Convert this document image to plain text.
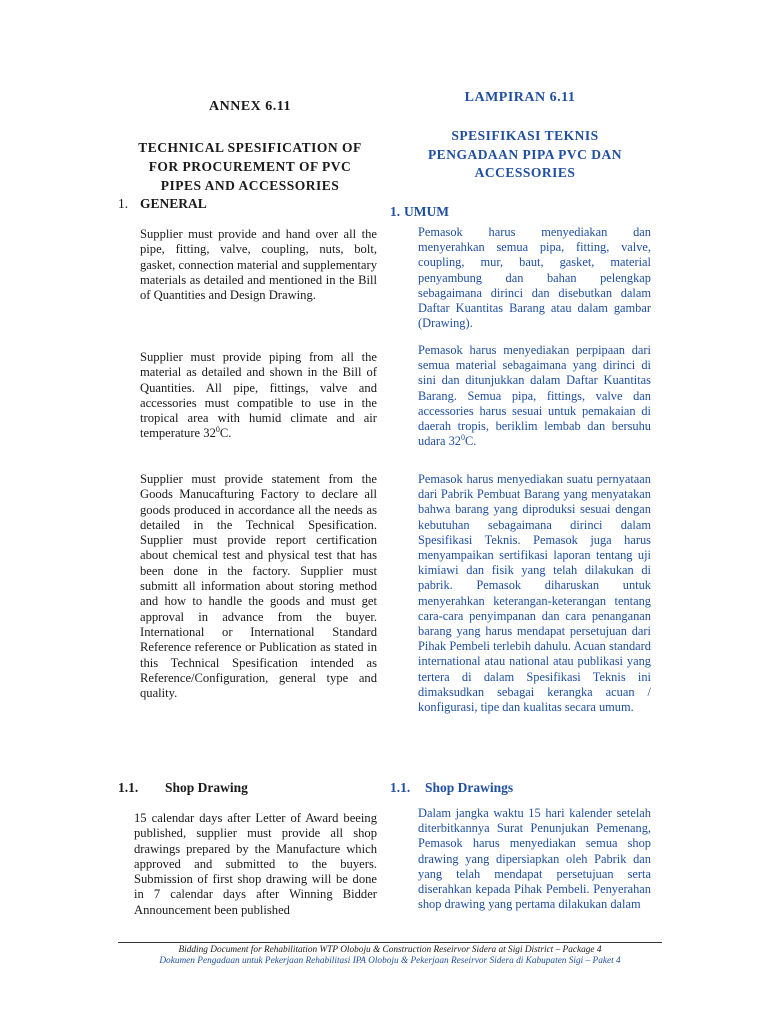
ANNEX 6.11
TECHNICAL SPESIFICATION OF
FOR PROCUREMENT OF PVC
PIPES AND ACCESSORIES
1. GENERAL

Supplier must provide and hand over all the pipe, fitting, valve, coupling, nuts, bolt, gasket, connection material and supplementary materials as detailed and mentioned in the Bill of Quantities and Design Drawing.

Supplier must provide piping from all the material as detailed and shown in the Bill of Quantities. All pipe, fittings, valve and accessories must compatible to use in the tropical area with humid climate and air temperature $32^0C$.

Supplier must provide statement from the Goods Manucafturing Factory to declare all goods produced in accordance all the needs as detailed in the Technical Spesification. Supplier must provide report certification about chemical test and physical test that has been done in the factory. Supplier must submitt all information about storing method and how to handle the goods and must get approval in advance from the buyer. International or International Standard Reference reference or Publication as stated in this Technical Spesification intended as Reference/Configuration, general type and quality.

1.1. Shop Drawing

15 calendar days after Letter of Award beeing published, supplier must provide all shop drawings prepared by the Manufacture which approved and submitted to the buyers. Submission of first shop drawing will be done in 7 calendar days after Winning Bidder Announcement been published

LAMPIRAN 6.11
SPESIFIKASI TEKNIS
PENGADAAN PIPA PVC DAN
ACCESSORIES
1. UMUM

Pemasok harus menyediakan dan menyerahkan semua pipa, fitting, valve, coupling, mur, baut, gasket, material penyambung dan bahan pelengkap sebagaimana dirinci dan disebutkan dalam Daftar Kuantitas Barang atau dalam gambar (Drawing).

Pemasok harus menyediakan perpipaan dari semua material sebagaimana yang dirinci di sini dan ditunjukkan dalam Daftar Kuantitas Barang. Semua pipa, fittings, valve dan accessories harus sesuai untuk pemakaian di daerah tropis, beriklim lembab dan bersuhu udara $32^0C$.

Pemasok harus menyediakan suatu pernyataan dari Pabrik Pembuat Barang yang menyatakan bahwa barang yang diproduksi sesuai dengan kebutuhan sebagaimana dirinci dalam Spesifikasi Teknis. Pemasok juga harus menyampaikan sertifikasi laporan tentang uji kimiawi dan fisik yang telah dilakukan di pabrik. Pemasok diharuskan untuk menyerahkan keterangan-keterangan tentang cara-cara penyimpanan dan cara penanganan barang yang harus mendapat persetujuan dari Pihak Pembeli terlebih dahulu. Acuan standard international atau national atau publikasi yang tertera di dalam Spesifikasi Teknis ini dimaksudkan sebagai kerangka acuan / konfigurasi, tipe dan kualitas secara umum.

1.1. Shop Drawings

Dalam jangka waktu 15 hari kalender setelah diterbitkannya Surat Penunjukan Pemenang, Pemasok harus menyediakan semua shop drawing yang dipersiapkan oleh Pabrik dan yang telah mendapat persetujuan serta diserahkan kepada Pihak Pembeli. Penyerahan shop drawing yang pertama dilakukan dalam

Bidding Document for Rehabilitation WTP Oloboju & Construction Reseirvor Sidera at Sigi District – Package 4
Dokumen Pengadaan untuk Pekerjaan Rehabilitasi IPA Oloboju & Pekerjaan Reseirvor Sidera di Kabupaten Sigi – Paket 4
